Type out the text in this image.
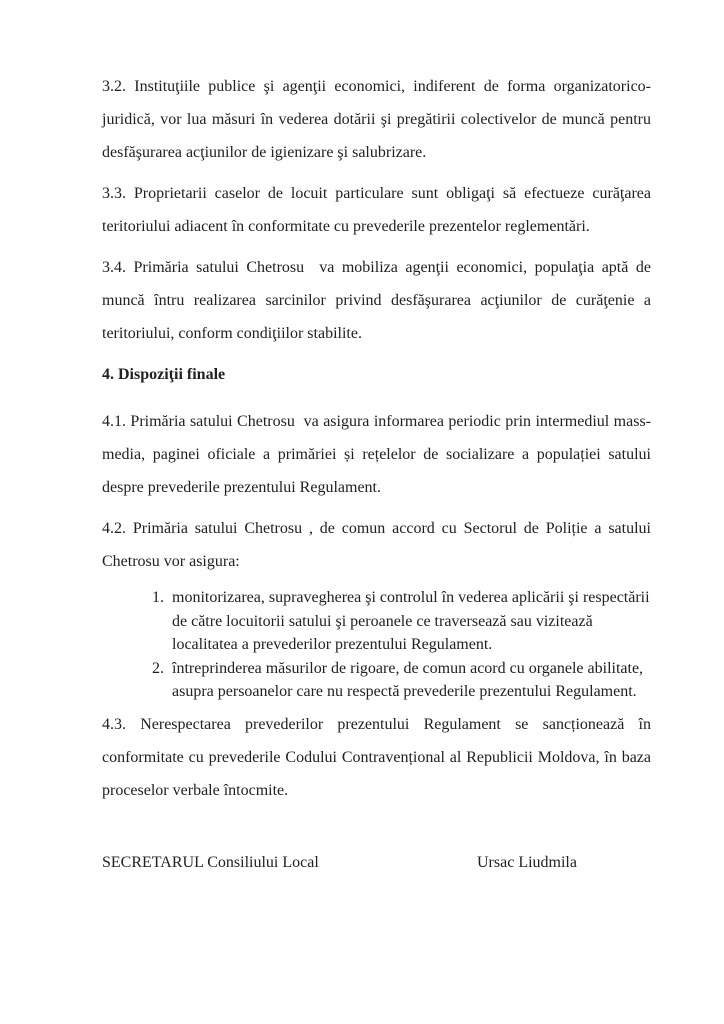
3.2. Instituţiile publice şi agenţii economici, indiferent de forma organizatorico-juridică, vor lua măsuri în vederea dotării şi pregătirii colectivelor de muncă pentru desfăşurarea acţiunilor de igienizare şi salubrizare.

3.3. Proprietarii caselor de locuit particulare sunt obligaţi să efectueze curăţarea teritoriului adiacent în conformitate cu prevederile prezentelor reglementări.

3.4. Primăria satului Chetrosu  va mobiliza agenţii economici, populaţia aptă de muncă întru realizarea sarcinilor privind desfăşurarea acţiunilor de curăţenie a teritoriului, conform condiţiilor stabilite.

4. Dispoziţii finale

4.1. Primăria satului Chetrosu  va asigura informarea periodic prin intermediul mass- media, paginei oficiale a primăriei și rețelelor de socializare a populației satului  despre prevederile prezentului Regulament.

4.2. Primăria satului Chetrosu , de comun accord cu Sectorul de Poliție a satului Chetrosu vor asigura:

1. monitorizarea, supravegherea şi controlul în vederea aplicării şi respectării de către locuitorii satului şi peroanele ce traversează sau vizitează localitatea a prevederilor prezentului Regulament.
2. întreprinderea măsurilor de rigoare, de comun acord cu organele abilitate, asupra persoanelor care nu respectă prevederile prezentului Regulament.

4.3. Nerespectarea prevederilor prezentului Regulament se sancționează în conformitate cu prevederile Codului Contravențional al Republicii Moldova, în baza proceselor verbale întocmite.

SECRETARUL Consiliului Local	Ursac Liudmila
